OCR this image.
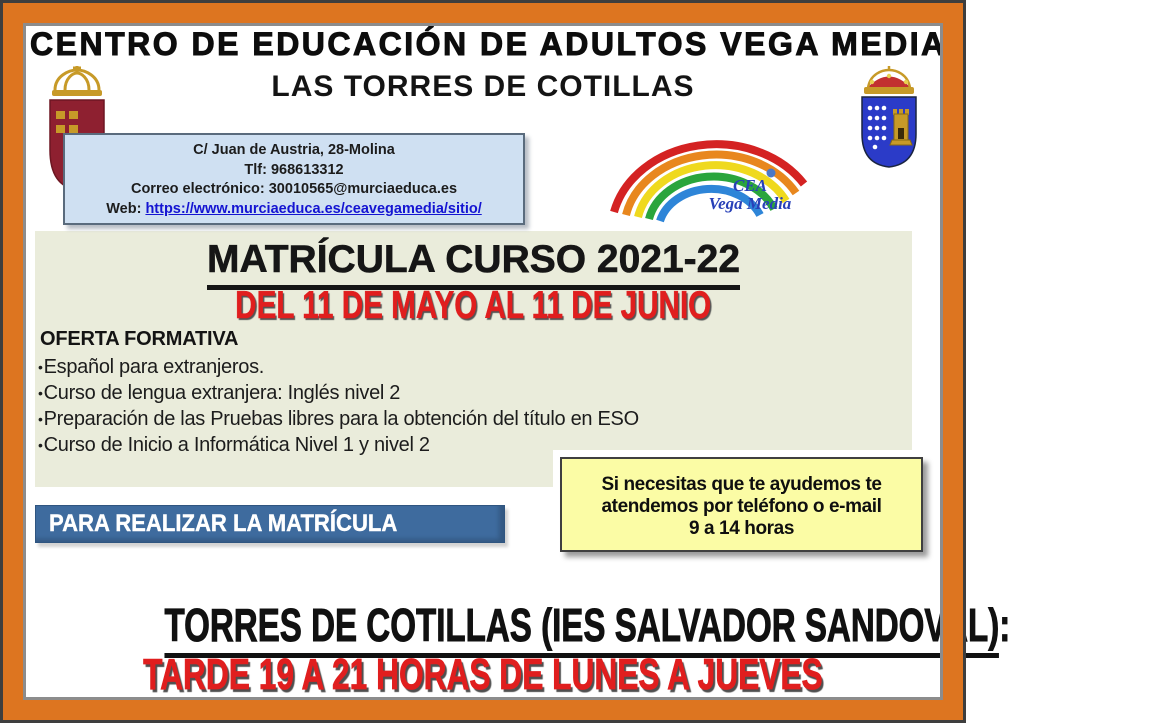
CENTRO DE EDUCACIÓN DE ADULTOS VEGA MEDIA
LAS TORRES DE COTILLAS
CEA
Vega Media
C/ Juan de Austria, 28-Molina
Tlf: 968613312
Correo electrónico: 30010565@murciaeduca.es
Web: https://www.murciaeduca.es/ceavegamedia/sitio/
MATRÍCULA CURSO 2021-22
DEL 11 DE MAYO AL 11 DE JUNIO
OFERTA FORMATIVA
•Español para extranjeros.
•Curso de lengua extranjera: Inglés nivel 2
•Preparación de las Pruebas libres para la obtención del título en ESO
•Curso de Inicio a Informática Nivel 1 y nivel 2
Si necesitas que te ayudemos te
atendemos por teléfono o e-mail
9 a 14 horas
PARA REALIZAR LA MATRÍCULA
TORRES DE COTILLAS (IES SALVADOR SANDOVAL):
TARDE 19 A 21 HORAS DE LUNES A JUEVES
